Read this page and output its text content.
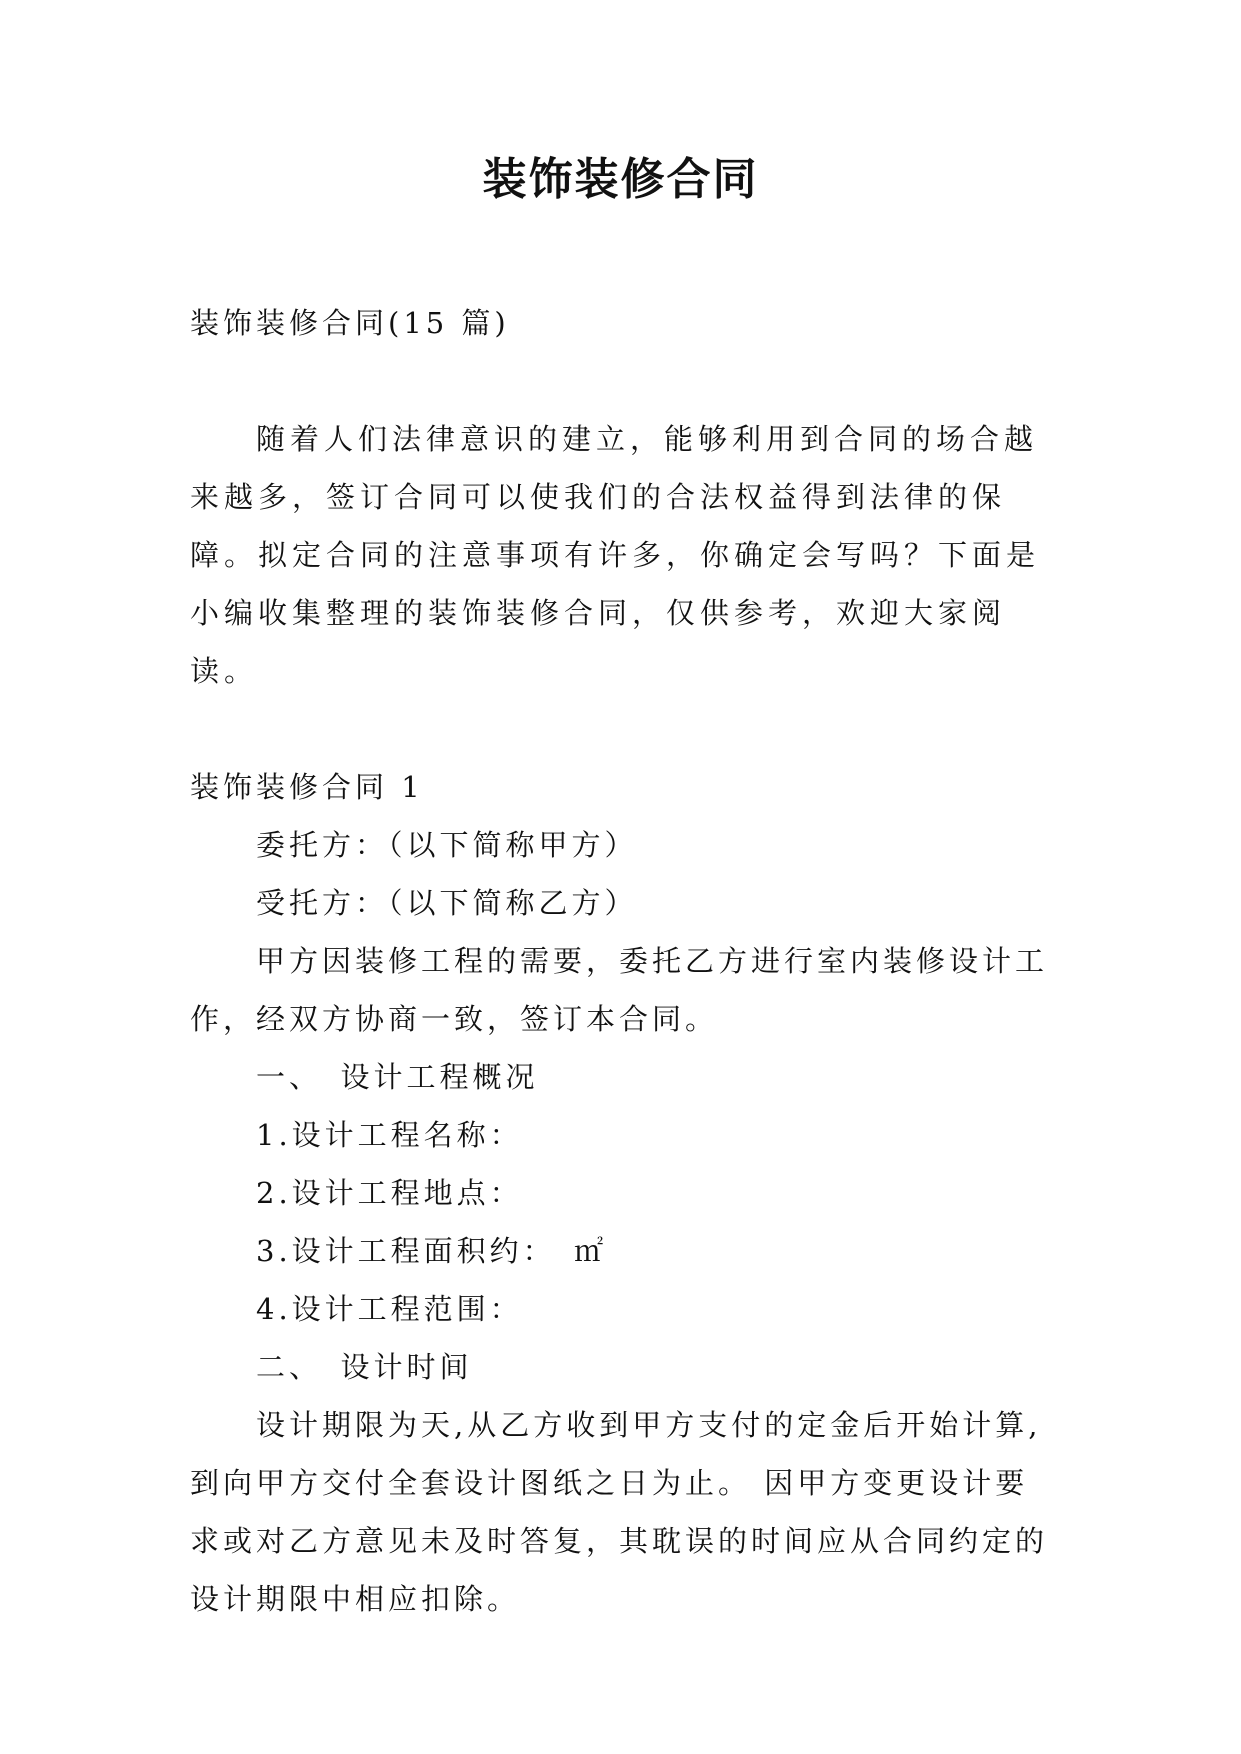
装饰装修合同

装饰装修合同(15 篇)

随着人们法律意识的建立，能够利用到合同的场合越来越多，签订合同可以使我们的合法权益得到法律的保障。拟定合同的注意事项有许多，你确定会写吗？下面是小编收集整理的装饰装修合同，仅供参考，欢迎大家阅读。

装饰装修合同 1

委托方：（以下简称甲方）

受托方：（以下简称乙方）

甲方因装修工程的需要，委托乙方进行室内装修设计工作，经双方协商一致，签订本合同。

一、　设计工程概况

1.设计工程名称：

2.设计工程地点：

3.设计工程面积约：　㎡

4.设计工程范围：

二、　设计时间

设计期限为天,从乙方收到甲方支付的定金后开始计算,到向甲方交付全套设计图纸之日为止。 因甲方变更设计要求或对乙方意见未及时答复，其耽误的时间应从合同约定的设计期限中相应扣除。
